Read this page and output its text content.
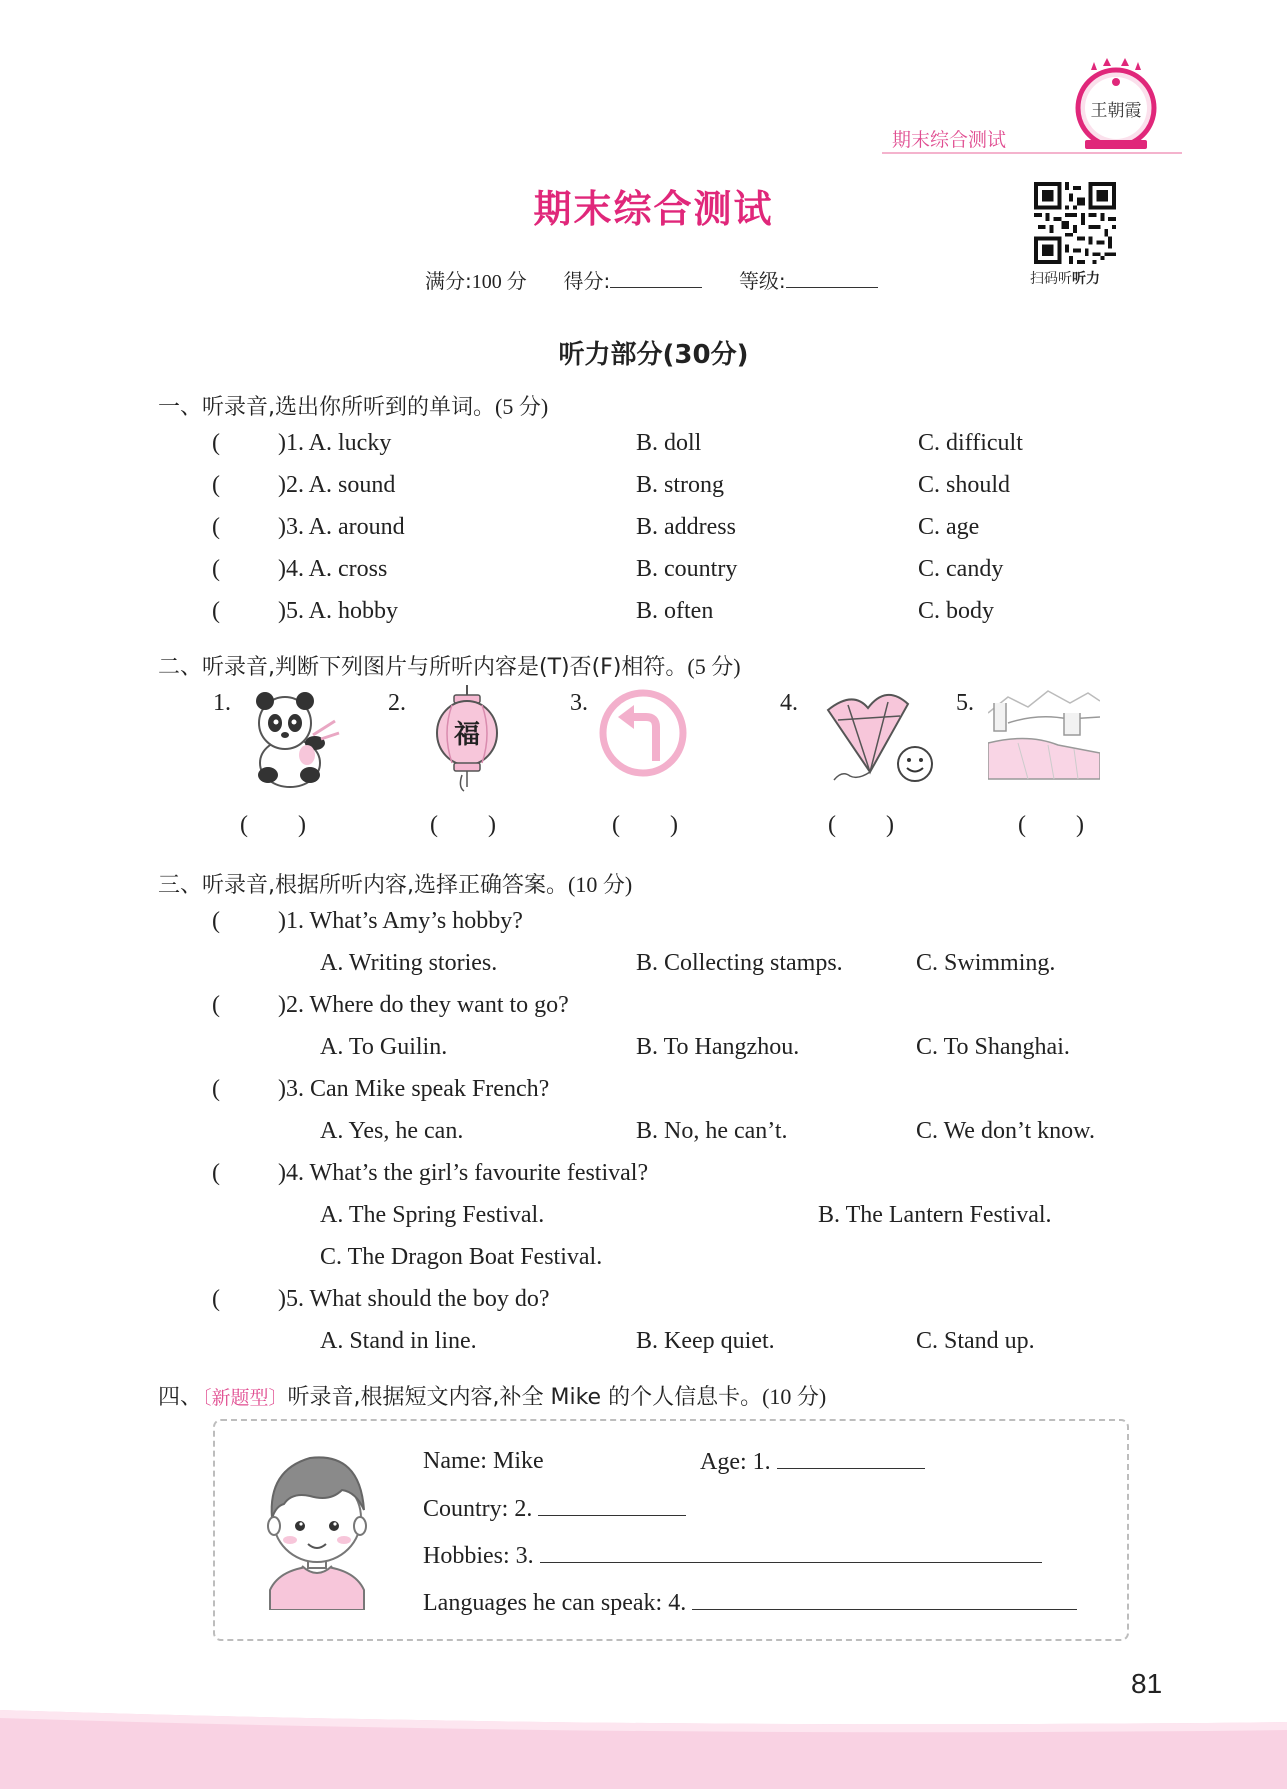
期末综合测试
王朝霞
扫码听听力
期末综合测试
满分:100 分 得分:	等级:
听力部分(30分)
一、听录音,选出你所听到的单词。(5 分)
( )1. A. lucky	B. doll	C. difficult
( )2. A. sound	B. strong	C. should
( )3. A. around	B. address	C. age
( )4. A. cross	B. country	C. candy
( )5. A. hobby	B. often	C. body
二、听录音,判断下列图片与所听内容是(T)否(F)相符。(5 分)
1.	2.
福
3.	4.	5.
( )	( )	( )	( )	( )
三、听录音,根据所听内容,选择正确答案。(10 分)
( )1. What’s Amy’s hobby?
A. Writing stories.	B. Collecting stamps.	C. Swimming.
( )2. Where do they want to go?
A. To Guilin.	B. To Hangzhou.	C. To Shanghai.
( )3. Can Mike speak French?
A. Yes, he can.	B. No, he can’t.	C. We don’t know.
( )4. What’s the girl’s favourite festival?
A. The Spring Festival.	B. The Lantern Festival.
C. The Dragon Boat Festival.
( )5. What should the boy do?
A. Stand in line.	B. Keep quiet.	C. Stand up.
四、〔新题型〕听录音,根据短文内容,补全 Mike 的个人信息卡。(10 分)
Name: Mike	Age: 1.
Country: 2.
Hobbies: 3.
Languages he can speak: 4.
81
